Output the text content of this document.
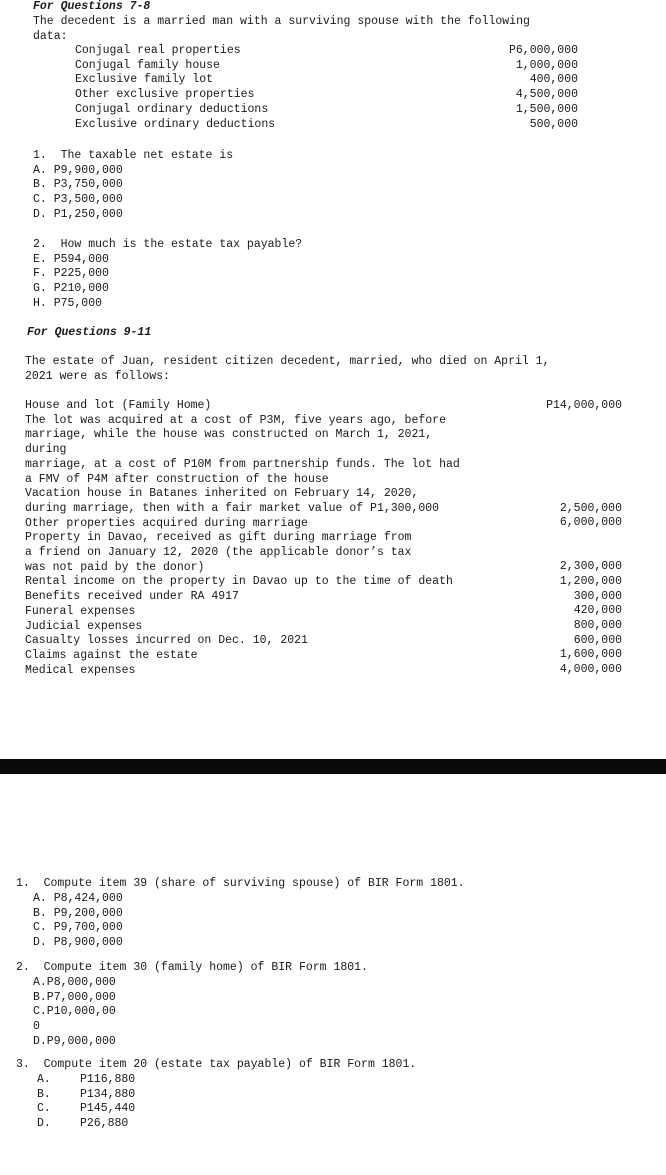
For Questions 7-8
The decedent is a married man with a surviving spouse with the following
data:
Conjugal real properties
Conjugal family house
Exclusive family lot
Other exclusive properties
Conjugal ordinary deductions
Exclusive ordinary deductions
P6,000,000
1,000,000
400,000
4,500,000
1,500,000
500,000
1.  The taxable net estate is
A. P9,900,000
B. P3,750,000
C. P3,500,000
D. P1,250,000
2.  How much is the estate tax payable?
E. P594,000
F. P225,000
G. P210,000
H. P75,000
For Questions 9-11
The estate of Juan, resident citizen decedent, married, who died on April 1,
2021 were as follows:
House and lot (Family Home)
The lot was acquired at a cost of P3M, five years ago, before
marriage, while the house was constructed on March 1, 2021,
during
marriage, at a cost of P10M from partnership funds. The lot had
a FMV of P4M after construction of the house
Vacation house in Batanes inherited on February 14, 2020,
during marriage, then with a fair market value of P1,300,000
Other properties acquired during marriage
Property in Davao, received as gift during marriage from
a friend on January 12, 2020 (the applicable donor’s tax
was not paid by the donor)
Rental income on the property in Davao up to the time of death
Benefits received under RA 4917
Funeral expenses
Judicial expenses
Casualty losses incurred on Dec. 10, 2021
Claims against the estate
Medical expenses
P14,000,000
2,500,000
6,000,000
2,300,000
1,200,000
300,000
420,000
800,000
600,000
1,600,000
4,000,000
1.  Compute item 39 (share of surviving spouse) of BIR Form 1801.
A. P8,424,000
B. P9,200,000
C. P9,700,000
D. P8,900,000
2.  Compute item 30 (family home) of BIR Form 1801.
A.P8,000,000
B.P7,000,000
C.P10,000,00
0
D.P9,000,000
3.  Compute item 20 (estate tax payable) of BIR Form 1801.
A.
B.
C.
D.
P116,880
P134,880
P145,440
P26,880
